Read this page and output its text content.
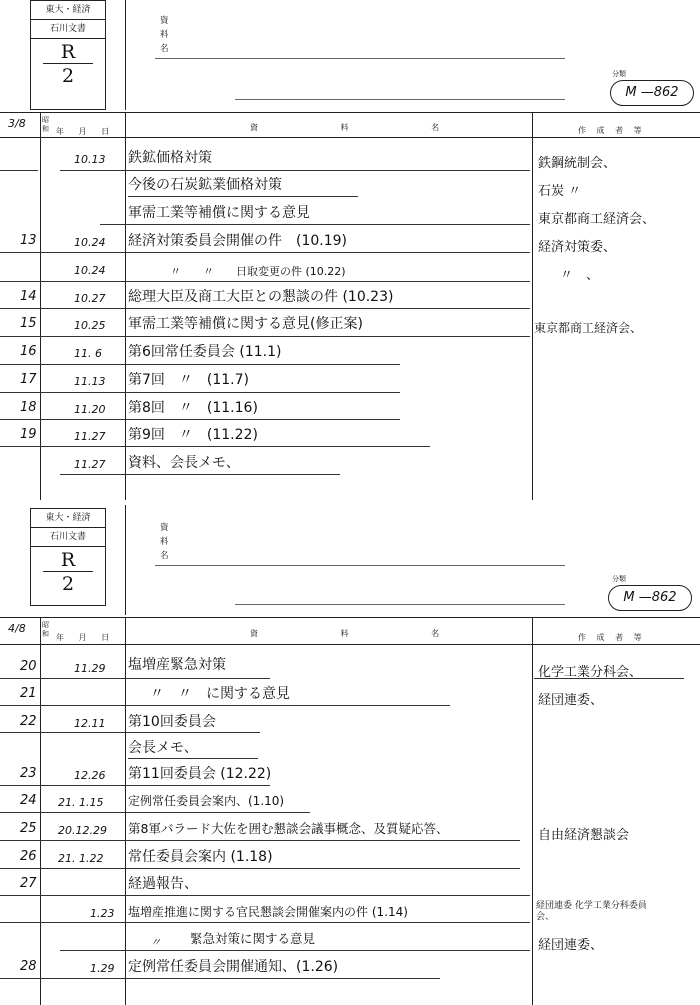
東大・経済
石川文書
R
2
資
料
名
分類
M —862
3/8 昭和 年 月 日	資 料 名	作 成 者 等
10.13 鉄鉱価格対策	鉄鋼統制会、
今後の石炭鉱業価格対策	石炭 〃
軍需工業等補償に関する意見	東京都商工経済会、
13	10.24 経済対策委員会開催の件　(10.19)	経済対策委、
10.24	〃　　〃　　日取変更の件 (10.22)	〃　、
14	10.27 総理大臣及商工大臣との懇談の件 (10.23)
15	10.25 軍需工業等補償に関する意見(修正案)	東京都商工経済会、
16	11. 6 第6回常任委員会 (11.1)
17	11.13 第7回　〃　(11.7)
18	11.20 第8回　〃　(11.16)
19	11.27 第9回　〃　(11.22)
11.27 資料、会長メモ、
東大・経済
石川文書
R
2
資
料
名
分類
M —862
4/8 昭和 年 月 日	資 料 名	作 成 者 等
20	11.29 塩増産緊急対策	化学工業分科会、
21	〃　〃　に関する意見	経団連委、
22	12.11 第10回委員会
会長メモ、
23	12.26 第11回委員会 (12.22)
24 21. 1.15 定例常任委員会案内、(1.10)
25 20.12.29 第8軍バラード大佐を囲む懇談会議事概念、及質疑応答、	自由経済懇談会
26 21. 1.22 常任委員会案内 (1.18)
27	経過報告、
1.23 塩増産推進に関する官民懇談会開催案内の件 (1.14)	経団連委 化学工業分科委員会、
〃 緊急対策に関する意見	経団連委、
28	1.29 定例常任委員会開催通知、(1.26)
